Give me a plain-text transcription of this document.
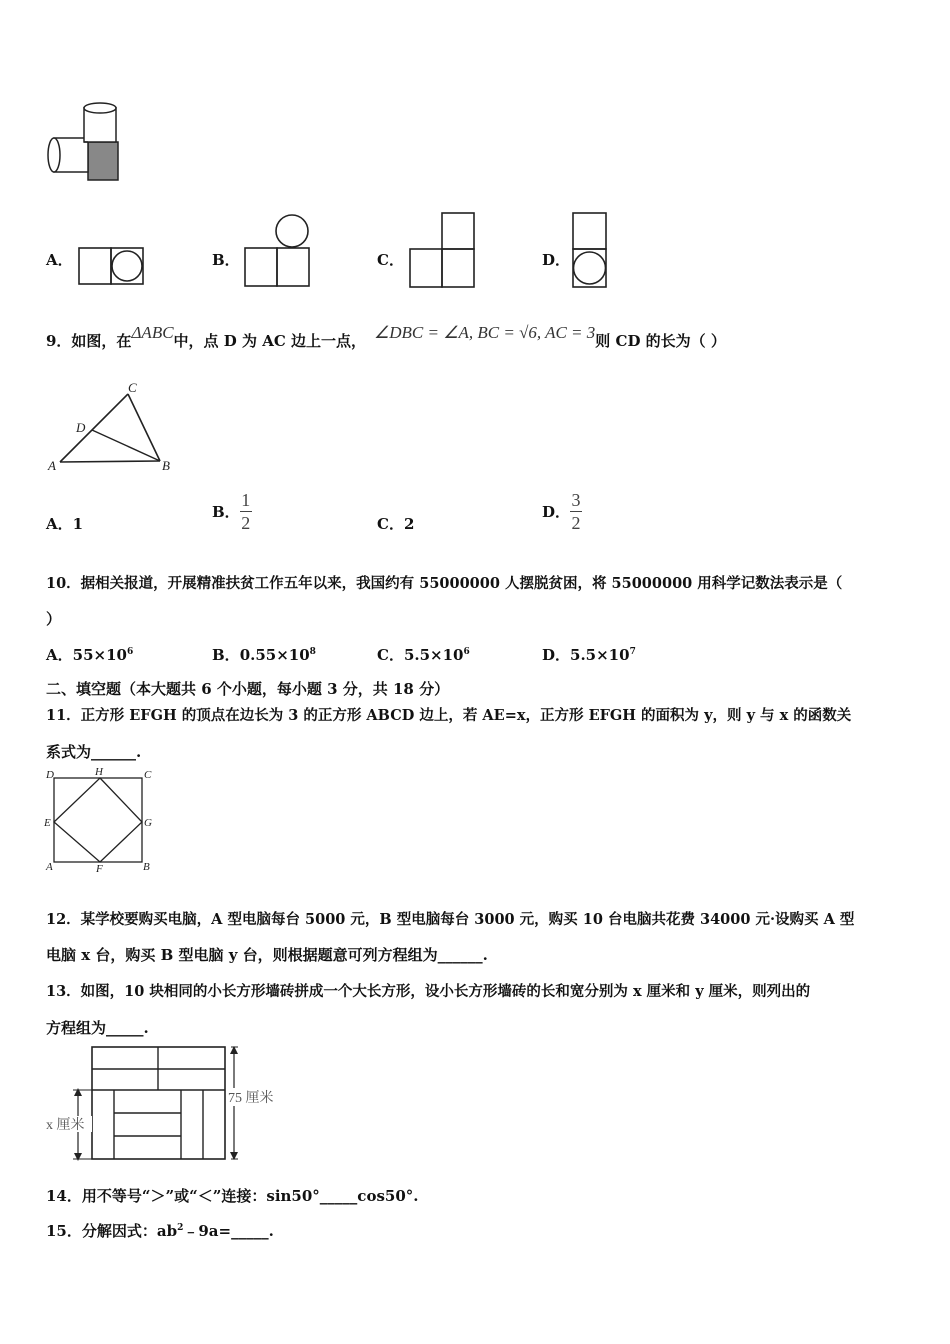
A．	B．	C．	D．
9．如图，在ΔABC中，点 D 为 AC 边上一点， ∠DBC = ∠A, BC = √6, AC = 3则 CD 的长为（ ）
C
D
A	B
A．1
B． $\frac{1}{2}$	C．2
D． $\frac{3}{2}$
10．据相关报道，开展精准扶贫工作五年以来，我国约有 55000000 人摆脱贫困，将 55000000 用科学记数法表示是（
）
A．$55\times 10^6$	B．$0.55\times 10^8$	C．$5.5\times 10^6$	D．$5.5\times 10^7$
二、填空题（本大题共 6 个小题，每小题 3 分，共 18 分）
11．正方形 EFGH 的顶点在边长为 3 的正方形 ABCD 边上，若 AE=x，正方形 EFGH 的面积为 y，则 y 与 x 的函数关
系式为______.
D	H	C
E	G
A	F	B
12．某学校要购买电脑，A 型电脑每台 5000 元，B 型电脑每台 3000 元，购买 10 台电脑共花费 34000 元·设购买 A 型
电脑 x 台，购买 B 型电脑 y 台，则根据题意可列方程组为______.
13．如图，10 块相同的小长方形墙砖拼成一个大长方形，设小长方形墙砖的长和宽分别为 x 厘米和 y 厘米，则列出的
方程组为_____.
x 厘米
75 厘米
14．用不等号“＞”或“＜”连接：sin50°_____cos50°.
15．分解因式：$ab^2﹣9a=\_\_\_\_\_$.
